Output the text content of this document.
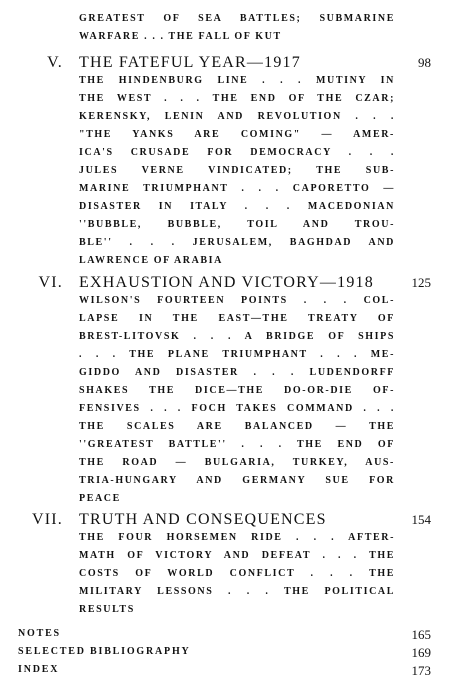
GREATEST OF SEA BATTLES; SUBMARINE
WARFARE . . . THE FALL OF KUT
V. THE FATEFUL YEAR—1917	98
THE HINDENBURG LINE . . . MUTINY IN
THE WEST . . . THE END OF THE CZAR;
KERENSKY, LENIN AND REVOLUTION . . .
"THE YANKS ARE COMING" — AMER-
ICA'S CRUSADE FOR DEMOCRACY . . .
JULES VERNE VINDICATED; THE SUB-
MARINE TRIUMPHANT . . . CAPORETTO —
DISASTER IN ITALY . . . MACEDONIAN
''BUBBLE, BUBBLE, TOIL AND TROU-
BLE'' . . . JERUSALEM, BAGHDAD AND
LAWRENCE OF ARABIA
VI. EXHAUSTION AND VICTORY—1918	125
WILSON'S FOURTEEN POINTS . . . COL-
LAPSE IN THE EAST—THE TREATY OF
BREST-LITOVSK . . . A BRIDGE OF SHIPS
. . . THE PLANE TRIUMPHANT . . . ME-
GIDDO AND DISASTER . . . LUDENDORFF
SHAKES THE DICE—THE DO-OR-DIE OF-
FENSIVES . . . FOCH TAKES COMMAND . . .
THE SCALES ARE BALANCED — THE
''GREATEST BATTLE'' . . . THE END OF
THE ROAD — BULGARIA, TURKEY, AUS-
TRIA-HUNGARY AND GERMANY SUE FOR
PEACE
VII. TRUTH AND CONSEQUENCES	154
THE FOUR HORSEMEN RIDE . . . AFTER-
MATH OF VICTORY AND DEFEAT . . . THE
COSTS OF WORLD CONFLICT . . . THE
MILITARY LESSONS . . . THE POLITICAL
RESULTS
NOTES	165
SELECTED BIBLIOGRAPHY	169
INDEX	173
